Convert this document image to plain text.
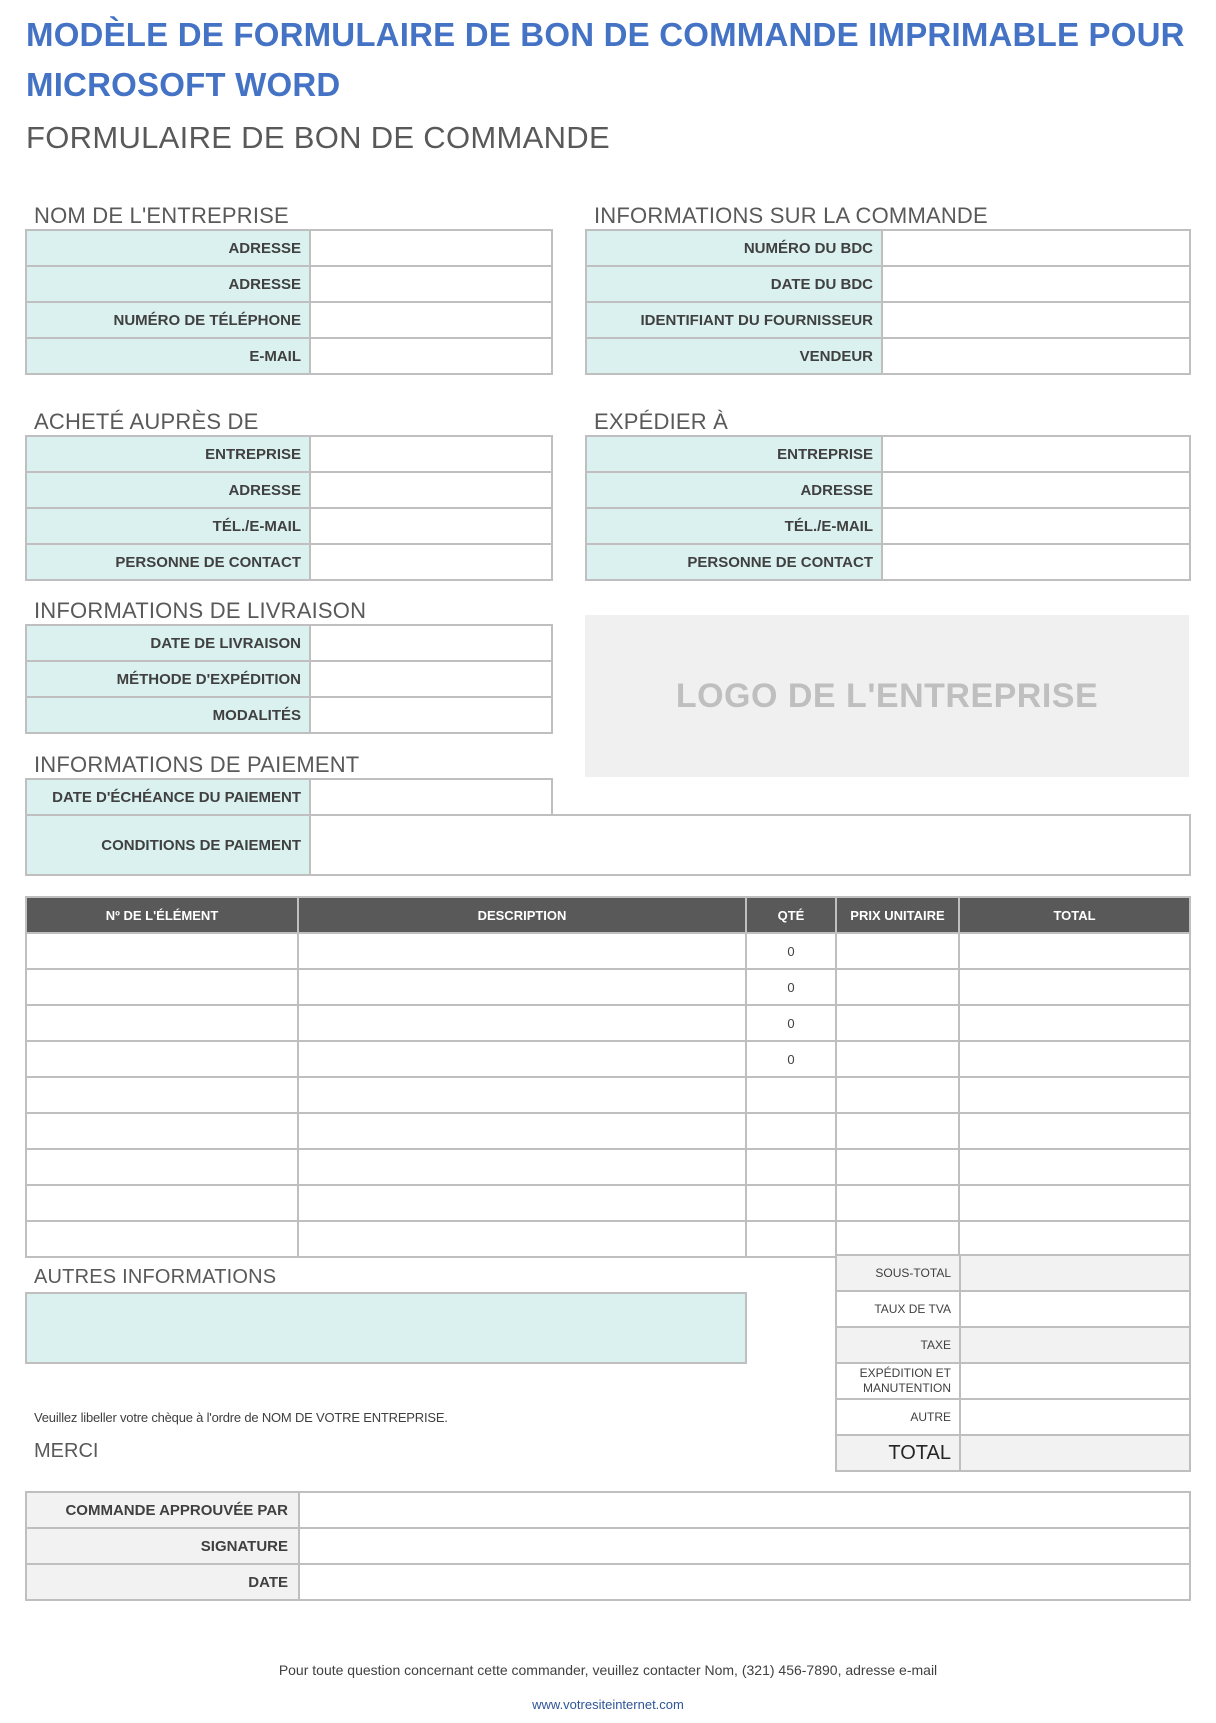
MODÈLE DE FORMULAIRE DE BON DE COMMANDE IMPRIMABLE POUR MICROSOFT WORD
FORMULAIRE DE BON DE COMMANDE
NOM DE L'ENTREPRISE
ADRESSE	
ADRESSE	
NUMÉRO DE TÉLÉPHONE	
E-MAIL	
INFORMATIONS SUR LA COMMANDE
NUMÉRO DU BDC	
DATE DU BDC	
IDENTIFIANT DU FOURNISSEUR	
VENDEUR	
ACHETÉ AUPRÈS DE
ENTREPRISE	
ADRESSE	
TÉL./E-MAIL	
PERSONNE DE CONTACT	
EXPÉDIER À
ENTREPRISE	
ADRESSE	
TÉL./E-MAIL	
PERSONNE DE CONTACT	
INFORMATIONS DE LIVRAISON
DATE DE LIVRAISON	
MÉTHODE D'EXPÉDITION	
MODALITÉS	
LOGO DE L'ENTREPRISE
INFORMATIONS DE PAIEMENT
DATE D'ÉCHÉANCE DU PAIEMENT	
CONDITIONS DE PAIEMENT	
Nº DE L'ÉLÉMENT	DESCRIPTION	QTÉ	PRIX UNITAIRE	TOTAL
		0		
		0		
		0		
		0		

SOUS-TOTAL	
TAUX DE TVA	
TAXE	
EXPÉDITION ET MANUTENTION	
AUTRE	
TOTAL	
AUTRES INFORMATIONS
Veuillez libeller votre chèque à l'ordre de NOM DE VOTRE ENTREPRISE.
MERCI
COMMANDE APPROUVÉE PAR	
SIGNATURE	
DATE	
Pour toute question concernant cette commander, veuillez contacter Nom, (321) 456-7890, adresse e-mail
www.votresiteinternet.com
